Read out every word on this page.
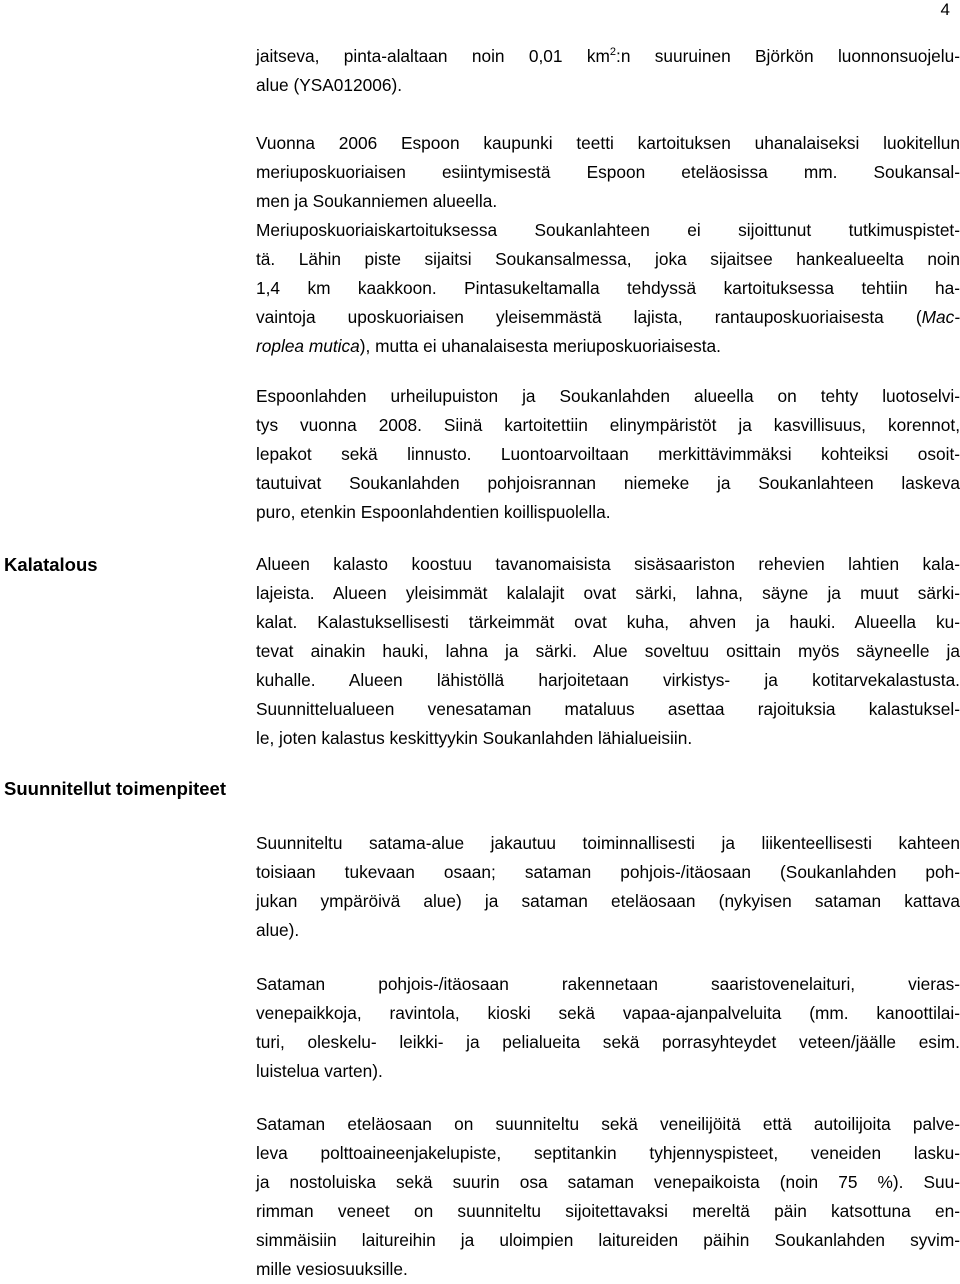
4

jaitseva, pinta-alaltaan noin 0,01 $km^2:n$ suuruinen Björkön luonnonsuojelu-
alue (YSA012006).

Vuonna 2006 Espoon kaupunki teetti kartoituksen uhanalaiseksi luokitellun
meriuposkuoriaisen esiintymisestä Espoon eteläosissa mm. Soukansal-
men ja Soukanniemen alueella.
Meriuposkuoriaiskartoituksessa Soukanlahteen ei sijoittunut tutkimuspistet-
tä. Lähin piste sijaitsi Soukansalmessa, joka sijaitsee hankealueelta noin
1,4 km kaakkoon. Pintasukeltamalla tehdyssä kartoituksessa tehtiin ha-
vaintoja uposkuoriaisen yleisemmästä lajista, rantauposkuoriaisesta (Mac-
roplea mutica), mutta ei uhanalaisesta meriuposkuoriaisesta.

Espoonlahden urheilupuiston ja Soukanlahden alueella on tehty luotoselvi-
tys vuonna 2008. Siinä kartoitettiin elinympäristöt ja kasvillisuus, korennot,
lepakot sekä linnusto. Luontoarvoiltaan merkittävimmäksi kohteiksi osoit-
tautuivat Soukanlahden pohjoisrannan niemeke ja Soukanlahteen laskeva
puro, etenkin Espoonlahdentien koillispuolella.

Kalatalous	Alueen kalasto koostuu tavanomaisista sisäsaariston rehevien lahtien kala-
lajeista. Alueen yleisimmät kalalajit ovat särki, lahna, säyne ja muut särki-
kalat. Kalastuksellisesti tärkeimmät ovat kuha, ahven ja hauki. Alueella ku-
tevat ainakin hauki, lahna ja särki. Alue soveltuu osittain myös säyneelle ja
kuhalle. Alueen lähistöllä harjoitetaan virkistys- ja kotitarvekalastusta.
Suunnittelualueen venesataman mataluus asettaa rajoituksia kalastuksel-
le, joten kalastus keskittyykin Soukanlahden lähialueisiin.

Suunnitellut toimenpiteet

Suunniteltu satama-alue jakautuu toiminnallisesti ja liikenteellisesti kahteen
toisiaan tukevaan osaan; sataman pohjois-/itäosaan (Soukanlahden poh-
jukan ympäröivä alue) ja sataman eteläosaan (nykyisen sataman kattava
alue).

Sataman pohjois-/itäosaan rakennetaan saaristovenelaituri, vieras-
venepaikkoja, ravintola, kioski sekä vapaa-ajanpalveluita (mm. kanoottilai-
turi, oleskelu- leikki- ja pelialueita sekä porrasyhteydet veteen/jäälle esim.
luistelua varten).

Sataman eteläosaan on suunniteltu sekä veneilijöitä että autoilijoita palve-
leva polttoaineenjakelupiste, septitankin tyhjennyspisteet, veneiden lasku-
ja nostoluiska sekä suurin osa sataman venepaikoista (noin 75 %). Suu-
rimman veneet on suunniteltu sijoitettavaksi mereltä päin katsottuna en-
simmäisiin laitureihin ja uloimpien laitureiden päihin Soukanlahden syvim-
mille vesiosuuksille.
